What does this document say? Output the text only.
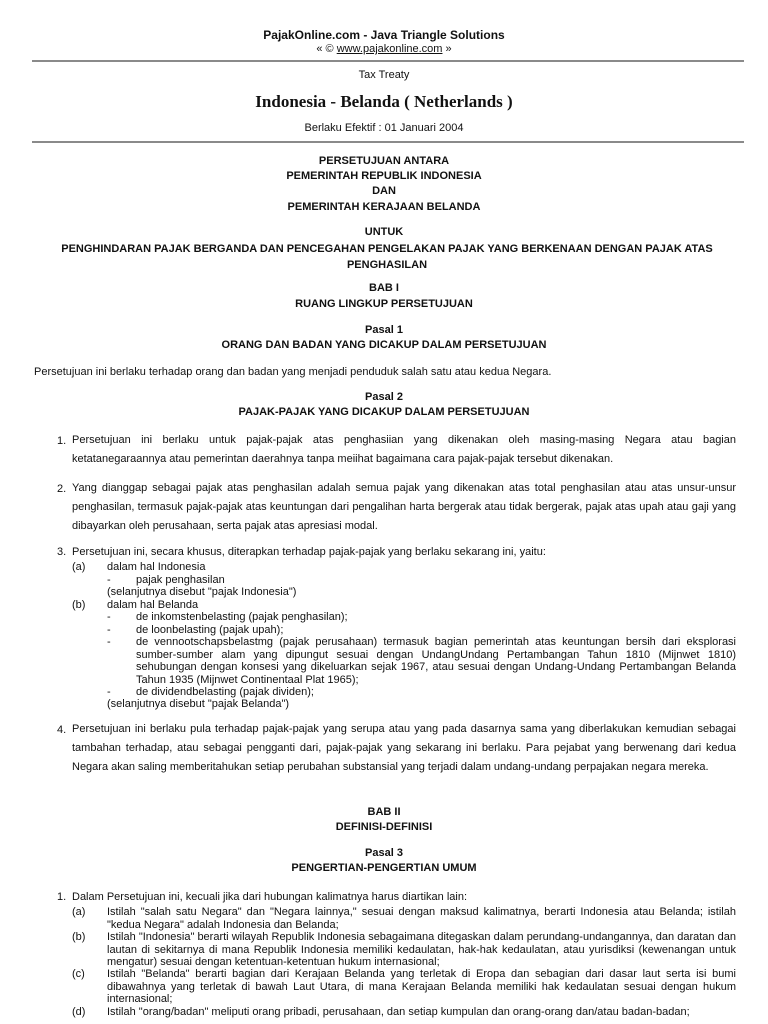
PajakOnline.com - Java Triangle Solutions
« © www.pajakonline.com »
Tax Treaty
Indonesia - Belanda ( Netherlands )
Berlaku Efektif : 01 Januari 2004
PERSETUJUAN ANTARA
PEMERINTAH REPUBLIK INDONESIA
DAN
PEMERINTAH KERAJAAN BELANDA
UNTUK
PENGHINDARAN PAJAK BERGANDA DAN PENCEGAHAN PENGELAKAN PAJAK YANG BERKENAAN DENGAN PAJAK ATAS PENGHASILAN
BAB I
RUANG LINGKUP PERSETUJUAN
Pasal 1
ORANG DAN BADAN YANG DICAKUP DALAM PERSETUJUAN
Persetujuan ini berlaku terhadap orang dan badan yang menjadi penduduk salah satu atau kedua Negara.
Pasal 2
PAJAK-PAJAK YANG DICAKUP DALAM PERSETUJUAN
1. Persetujuan ini berlaku untuk pajak-pajak atas penghasiian yang dikenakan oleh masing-masing Negara atau bagian ketatanegaraannya atau pemerintan daerahnya tanpa meiihat bagaimana cara pajak-pajak tersebut dikenakan.
2. Yang dianggap sebagai pajak atas penghasilan adalah semua pajak yang dikenakan atas total penghasilan atau atas unsur-unsur penghasilan, termasuk pajak-pajak atas keuntungan dari pengalihan harta bergerak atau tidak bergerak, pajak atas upah atau gaji yang dibayarkan oleh perusahaan, serta pajak atas apresiasi modal.
3. Persetujuan ini, secara khusus, diterapkan terhadap pajak-pajak yang berlaku sekarang ini, yaitu:
(a) dalam hal Indonesia
- pajak penghasilan
(selanjutnya disebut "pajak Indonesia")
(b) dalam hal Belanda
- de inkomstenbelasting (pajak penghasilan);
- de loonbelasting (pajak upah);
- de vennootschapsbelastmg (pajak perusahaan) termasuk bagian pemerintah atas keuntungan bersih dari eksplorasi sumber-sumber alam yang dipungut sesuai dengan UndangUndang Pertambangan Tahun 1810 (Mijnwet 1810) sehubungan dengan konsesi yang dikeluarkan sejak 1967, atau sesuai dengan Undang-Undang Pertambangan Belanda Tahun 1935 (Mijnwet Continentaal Plat 1965);
- de dividendbelasting (pajak dividen);
(selanjutnya disebut "pajak Belanda")
4. Persetujuan ini berlaku pula terhadap pajak-pajak yang serupa atau yang pada dasarnya sama yang diberlakukan kemudian sebagai tambahan terhadap, atau sebagai pengganti dari, pajak-pajak yang sekarang ini berlaku. Para pejabat yang berwenang dari kedua Negara akan saling memberitahukan setiap perubahan substansial yang terjadi dalam undang-undang perpajakan negara mereka.
BAB II
DEFINISI-DEFINISI
Pasal 3
PENGERTIAN-PENGERTIAN UMUM
1. Dalam Persetujuan ini, kecuali jika dari hubungan kalimatnya harus diartikan lain:
(a) Istilah "salah satu Negara" dan "Negara lainnya," sesuai dengan maksud kalimatnya, berarti Indonesia atau Belanda; istilah "kedua Negara" adalah Indonesia dan Belanda;
(b) Istilah "Indonesia" berarti wilayah Republik Indonesia sebagaimana ditegaskan dalam perundang-undangannya, dan daratan dan lautan di sekitarnya di mana Republik Indonesia memiliki kedaulatan, hak-hak kedaulatan, atau yurisdiksi (kewenangan untuk mengatur) sesuai dengan ketentuan-ketentuan hukum internasional;
(c) Istilah "Belanda" berarti bagian dari Kerajaan Belanda yang terletak di Eropa dan sebagian dari dasar laut serta isi bumi dibawahnya yang terletak di bawah Laut Utara, di mana Kerajaan Belanda memiliki hak kedaulatan sesuai dengan hukum internasional;
(d) Istilah "orang/badan" meliputi orang pribadi, perusahaan, dan setiap kumpulan dan orang-orang dan/atau badan-badan;
